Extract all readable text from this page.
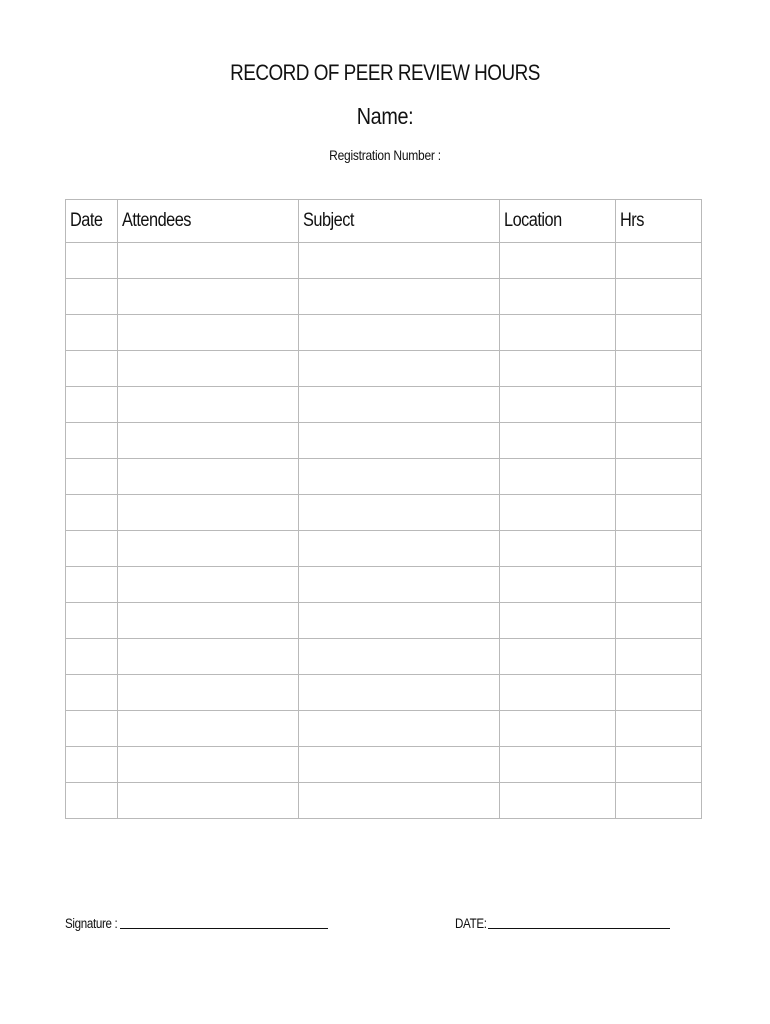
RECORD OF PEER REVIEW HOURS
Name:
Registration Number :
Date	Attendees	Subject	Location	Hrs

Signature :	DATE:
